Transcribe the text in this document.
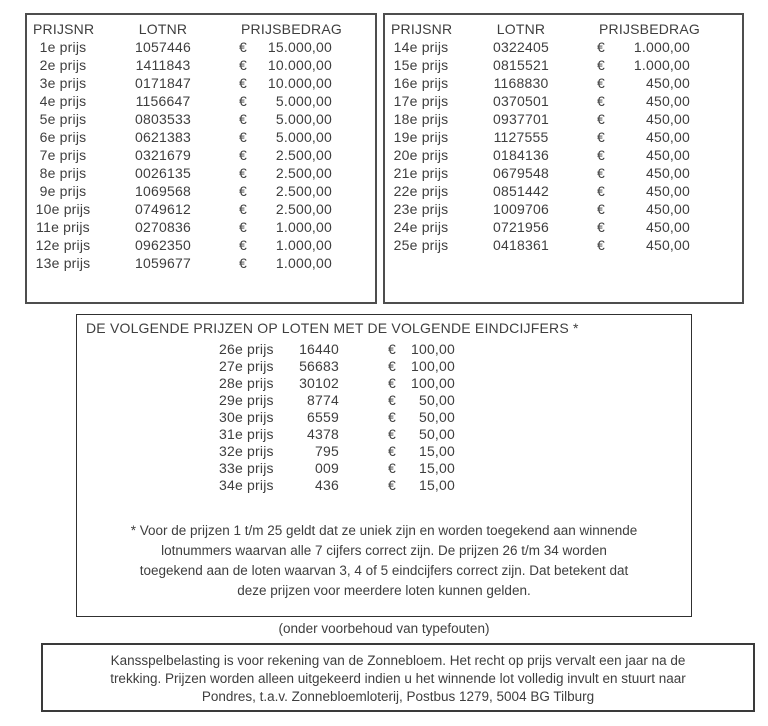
PRIJSNR	LOTNR	PRIJSBEDRAG
1e prijs	1057446	€ 15.000,00
2e prijs	1411843	€ 10.000,00
3e prijs	0171847	€ 10.000,00
4e prijs	1156647	€ 5.000,00
5e prijs	0803533	€ 5.000,00
6e prijs	0621383	€ 5.000,00
7e prijs	0321679	€ 2.500,00
8e prijs	0026135	€ 2.500,00
9e prijs	1069568	€ 2.500,00
10e prijs	0749612	€ 2.500,00
11e prijs	0270836	€ 1.000,00
12e prijs	0962350	€ 1.000,00
13e prijs	1059677	€ 1.000,00
PRIJSNR	LOTNR	PRIJSBEDRAG
14e prijs	0322405	€ 1.000,00
15e prijs	0815521	€ 1.000,00
16e prijs	1168830	€	450,00
17e prijs	0370501	€	450,00
18e prijs	0937701	€	450,00
19e prijs	1127555	€	450,00
20e prijs	0184136	€	450,00
21e prijs	0679548	€	450,00
22e prijs	0851442	€	450,00
23e prijs	1009706	€	450,00
24e prijs	0721956	€	450,00
25e prijs	0418361	€	450,00
DE VOLGENDE PRIJZEN OP LOTEN MET DE VOLGENDE EINDCIJFERS *
26e prijs	16440	€ 100,00
27e prijs	56683	€ 100,00
28e prijs	30102	€ 100,00
29e prijs	8774	€ 50,00
30e prijs	6559	€ 50,00
31e prijs	4378	€ 50,00
32e prijs	795	€ 15,00
33e prijs	009	€ 15,00
34e prijs	436	€ 15,00
* Voor de prijzen 1 t/m 25 geldt dat ze uniek zijn en worden toegekend aan winnende
lotnummers waarvan alle 7 cijfers correct zijn. De prijzen 26 t/m 34 worden
toegekend aan de loten waarvan 3, 4 of 5 eindcijfers correct zijn. Dat betekent dat
deze prijzen voor meerdere loten kunnen gelden.
(onder voorbehoud van typefouten)
Kansspelbelasting is voor rekening van de Zonnebloem. Het recht op prijs vervalt een jaar na de
trekking. Prijzen worden alleen uitgekeerd indien u het winnende lot volledig invult en stuurt naar
Pondres, t.a.v. Zonnebloemloterij, Postbus 1279, 5004 BG Tilburg
